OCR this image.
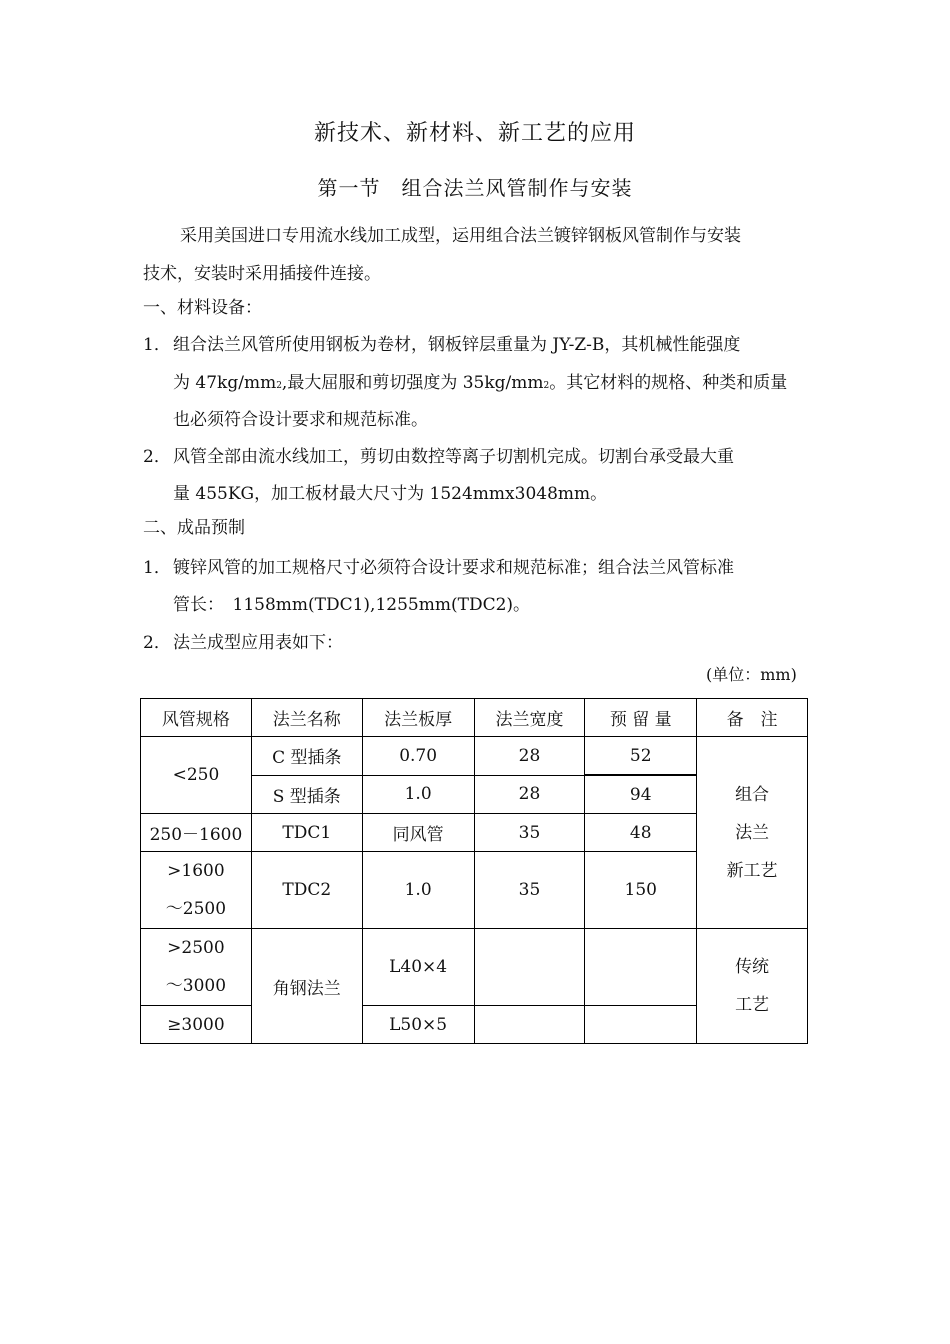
新技术、新材料、新工艺的应用
第一节　组合法兰风管制作与安装
采用美国进口专用流水线加工成型，运用组合法兰镀锌钢板风管制作与安装
技术，安装时采用插接件连接。
一、材料设备：
1． 组合法兰风管所使用钢板为卷材，钢板锌层重量为 JY-Z-B，其机械性能强度
为 47kg/mm2,最大屈服和剪切强度为 35kg/mm2。其它材料的规格、种类和质量
也必须符合设计要求和规范标准。
2． 风管全部由流水线加工，剪切由数控等离子切割机完成。切割台承受最大重
量 455KG，加工板材最大尺寸为 1524mmx3048mm。
二、成品预制
1． 镀锌风管的加工规格尺寸必须符合设计要求和规范标准；组合法兰风管标准
管长：　1158mm(TDC1),1255mm(TDC2)。
2． 法兰成型应用表如下：
(单位：mm)
风管规格	法兰名称	法兰板厚	法兰宽度	预 留 量	备　注
<250	C 型插条	0.70	28	52	组合
法兰
新工艺

	S 型插条	1.0	28	94	
250－1600	TDC1	同风管	35	48	

>1600
～2500	TDC2	1.0	35	150	

>2500
～3000	角钢法兰	L40×4			传统
工艺

≥3000		L50×5			
